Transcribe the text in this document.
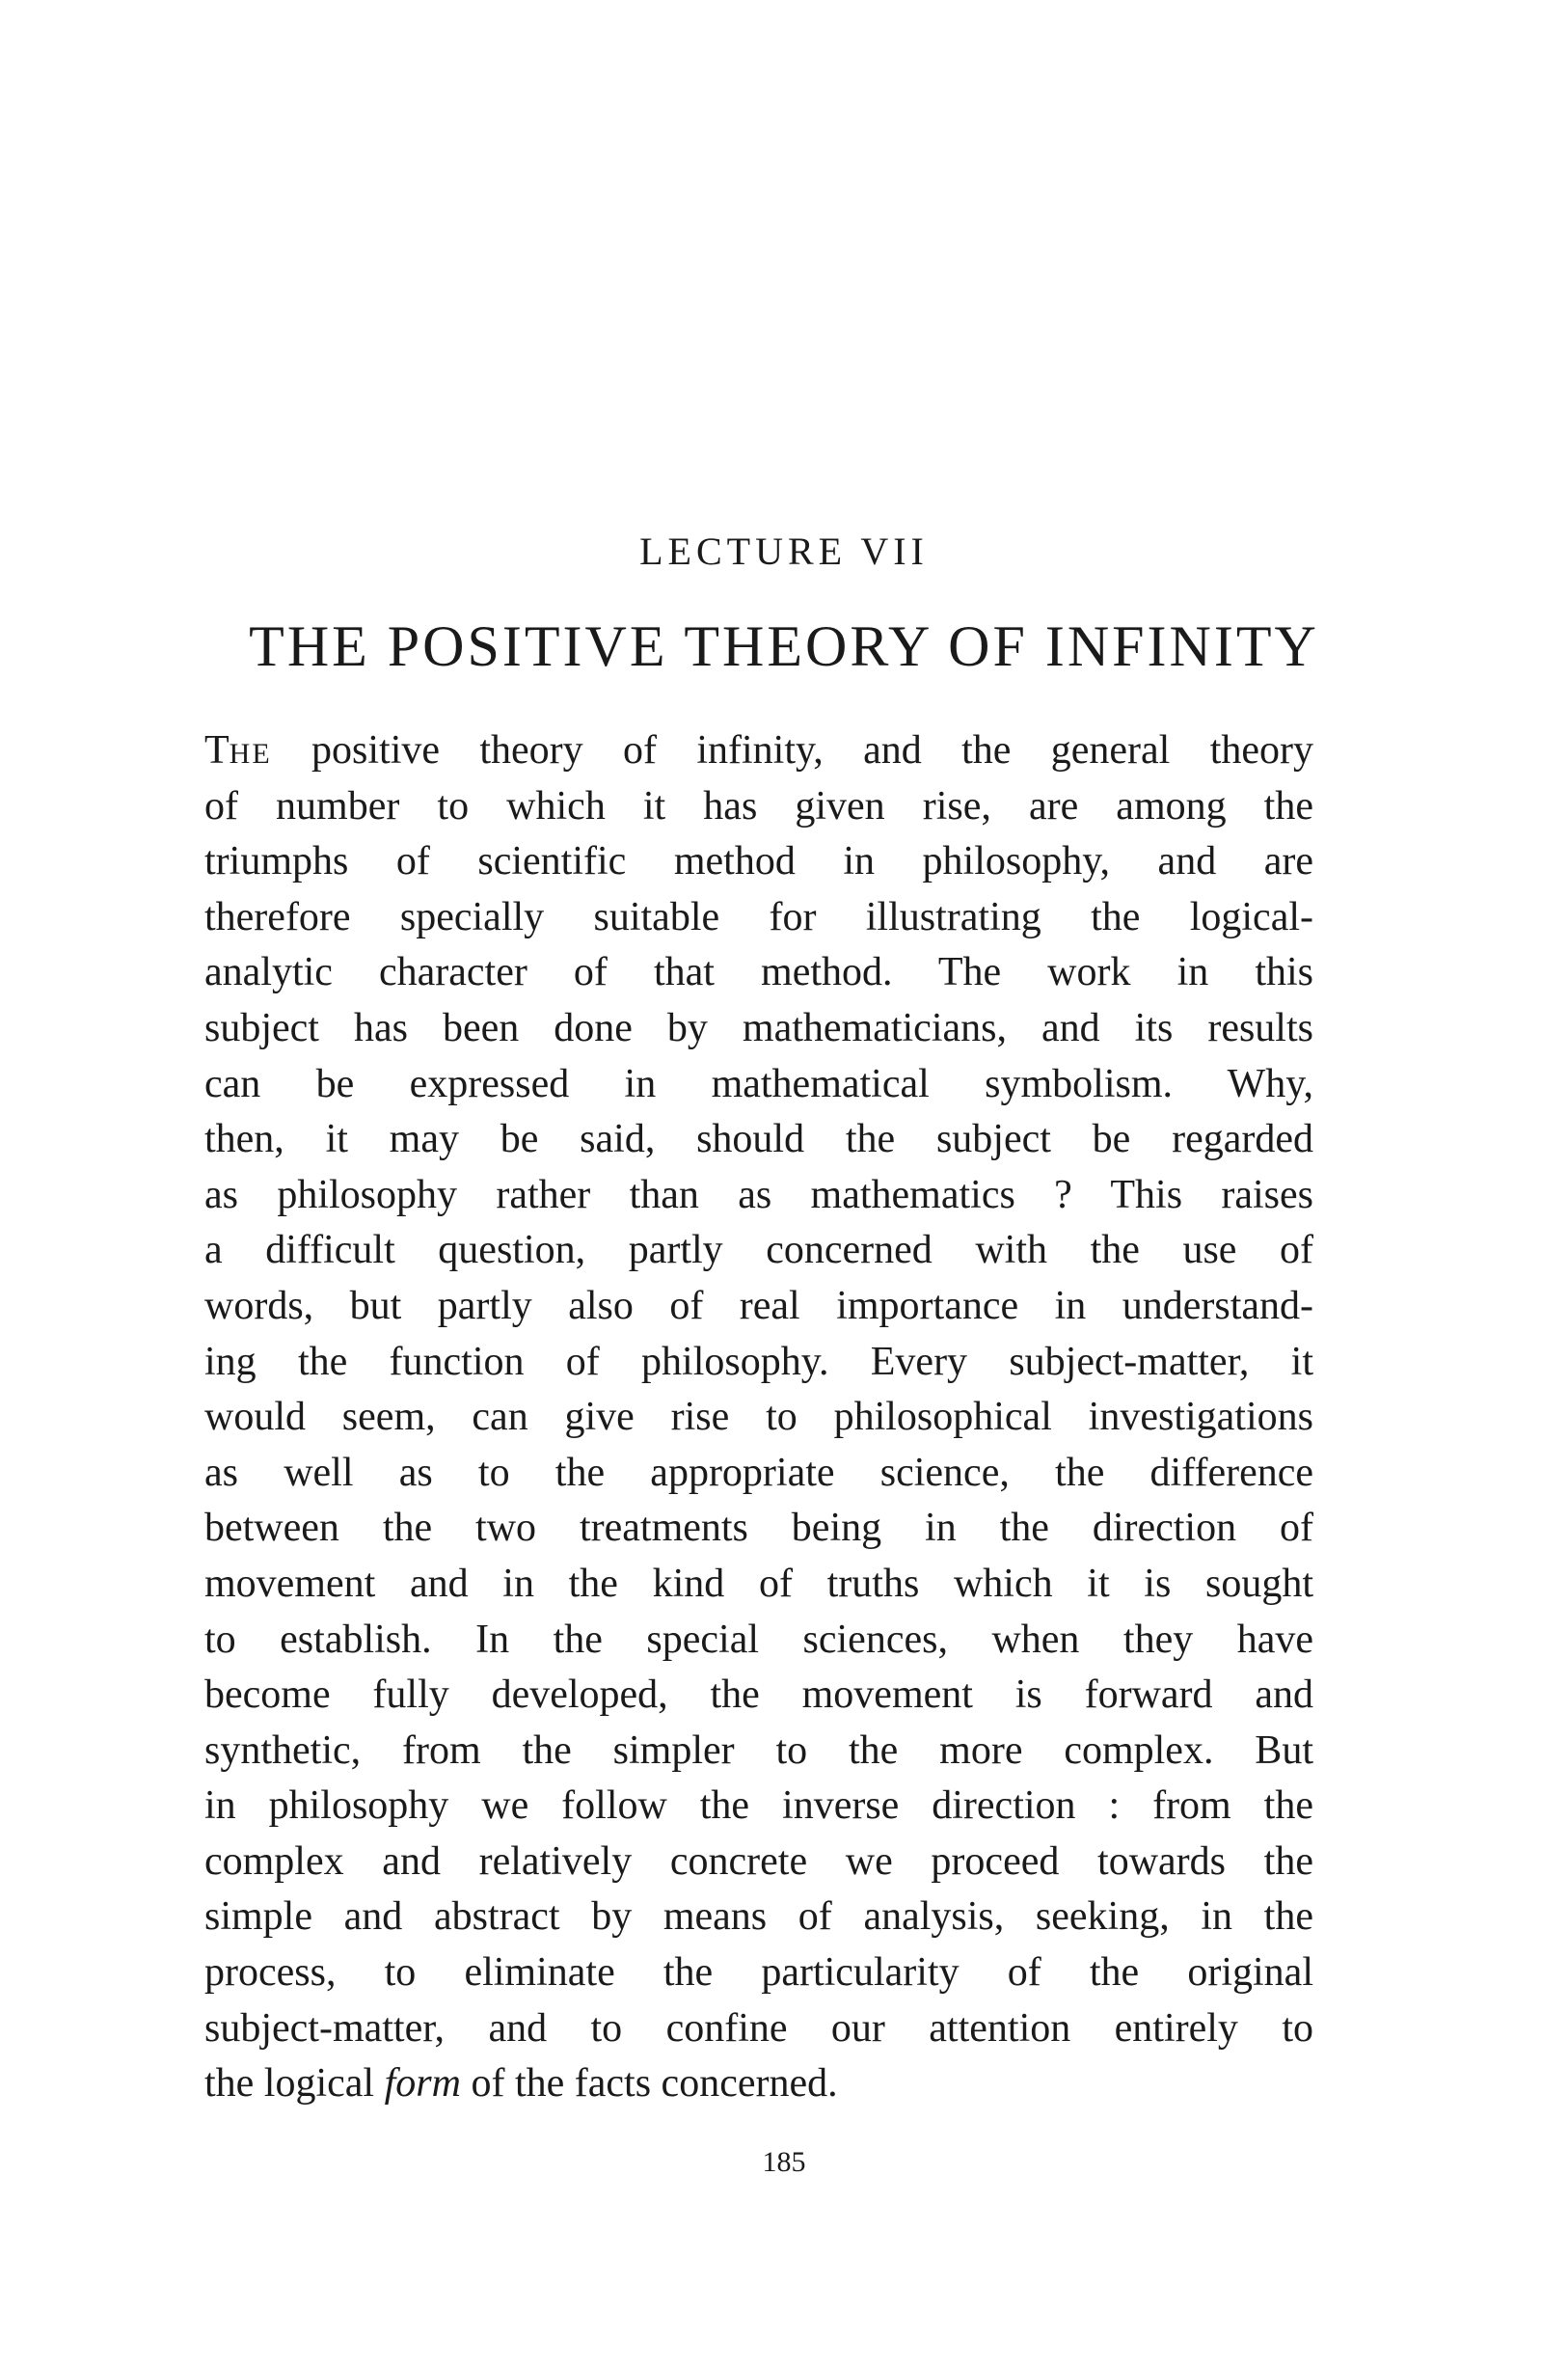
LECTURE VII
THE POSITIVE THEORY OF INFINITY
THE positive theory of infinity, and the general theory
of number to which it has given rise, are among the
triumphs of scientific method in philosophy, and are
therefore specially suitable for illustrating the logical-
analytic character of that method. The work in this
subject has been done by mathematicians, and its results
can be expressed in mathematical symbolism. Why,
then, it may be said, should the subject be regarded
as philosophy rather than as mathematics ? This raises
a difficult question, partly concerned with the use of
words, but partly also of real importance in understand-
ing the function of philosophy. Every subject-matter, it
would seem, can give rise to philosophical investigations
as well as to the appropriate science, the difference
between the two treatments being in the direction of
movement and in the kind of truths which it is sought
to establish. In the special sciences, when they have
become fully developed, the movement is forward and
synthetic, from the simpler to the more complex. But
in philosophy we follow the inverse direction : from the
complex and relatively concrete we proceed towards the
simple and abstract by means of analysis, seeking, in the
process, to eliminate the particularity of the original
subject-matter, and to confine our attention entirely to
the logical form of the facts concerned.
185
